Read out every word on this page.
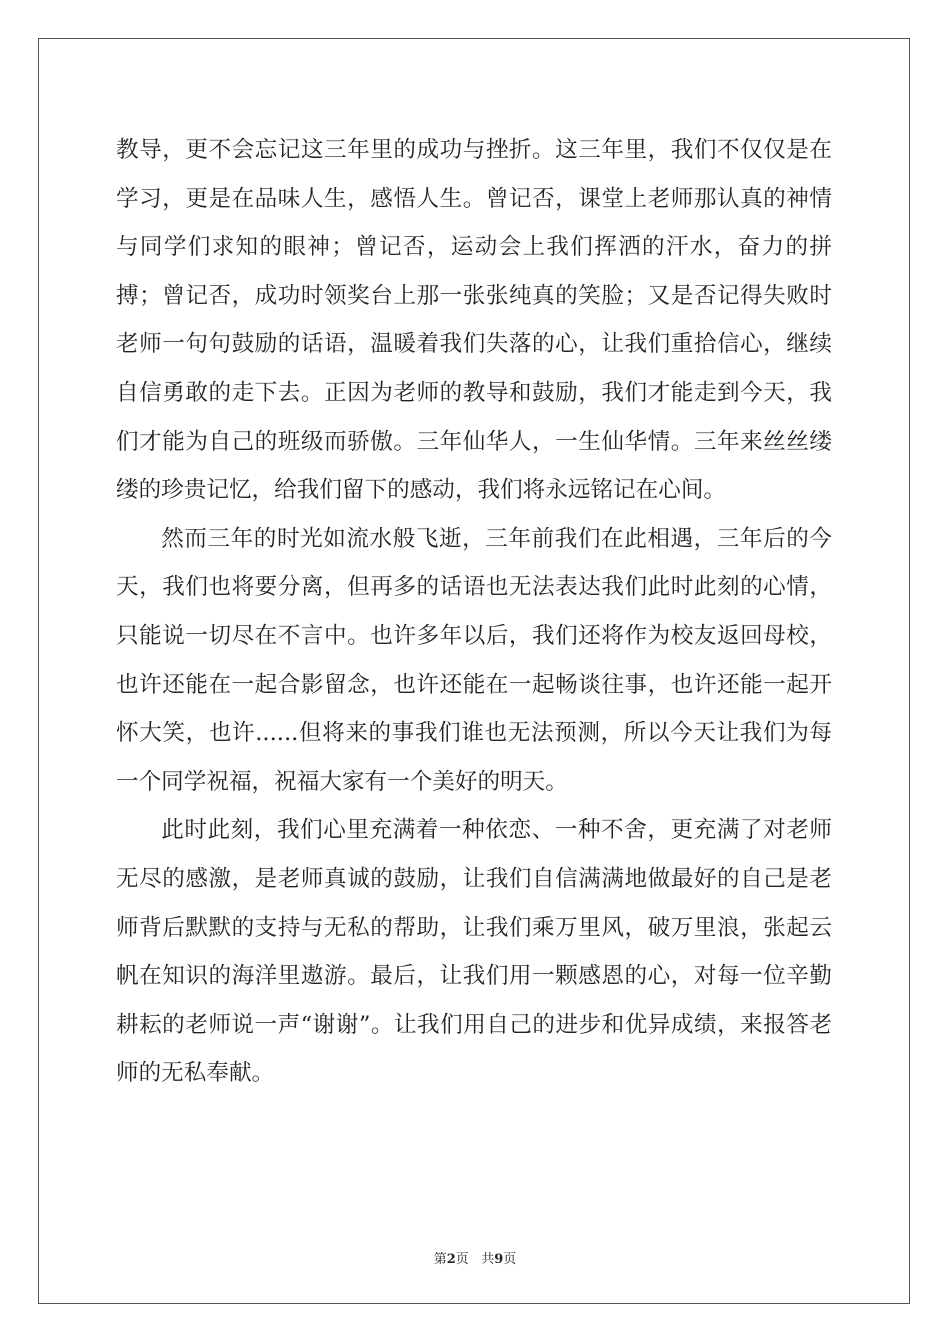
教导，更不会忘记这三年里的成功与挫折。这三年里，我们不仅仅是在学习，更是在品味人生，感悟人生。曾记否，课堂上老师那认真的神情与同学们求知的眼神；曾记否，运动会上我们挥洒的汗水，奋力的拼搏；曾记否，成功时领奖台上那一张张纯真的笑脸；又是否记得失败时老师一句句鼓励的话语，温暖着我们失落的心，让我们重拾信心，继续自信勇敢的走下去。正因为老师的教导和鼓励，我们才能走到今天，我们才能为自己的班级而骄傲。三年仙华人，一生仙华情。三年来丝丝缕缕的珍贵记忆，给我们留下的感动，我们将永远铭记在心间。

然而三年的时光如流水般飞逝，三年前我们在此相遇，三年后的今天，我们也将要分离，但再多的话语也无法表达我们此时此刻的心情，只能说一切尽在不言中。也许多年以后，我们还将作为校友返回母校，也许还能在一起合影留念，也许还能在一起畅谈往事，也许还能一起开怀大笑，也许......但将来的事我们谁也无法预测，所以今天让我们为每一个同学祝福，祝福大家有一个美好的明天。

此时此刻，我们心里充满着一种依恋、一种不舍，更充满了对老师无尽的感激，是老师真诚的鼓励，让我们自信满满地做最好的自己是老师背后默默的支持与无私的帮助，让我们乘万里风，破万里浪，张起云帆在知识的海洋里遨游。最后，让我们用一颗感恩的心，对每一位辛勤耕耘的老师说一声“谢谢”。让我们用自己的进步和优异成绩，来报答老师的无私奉献。

第2页 共9页
